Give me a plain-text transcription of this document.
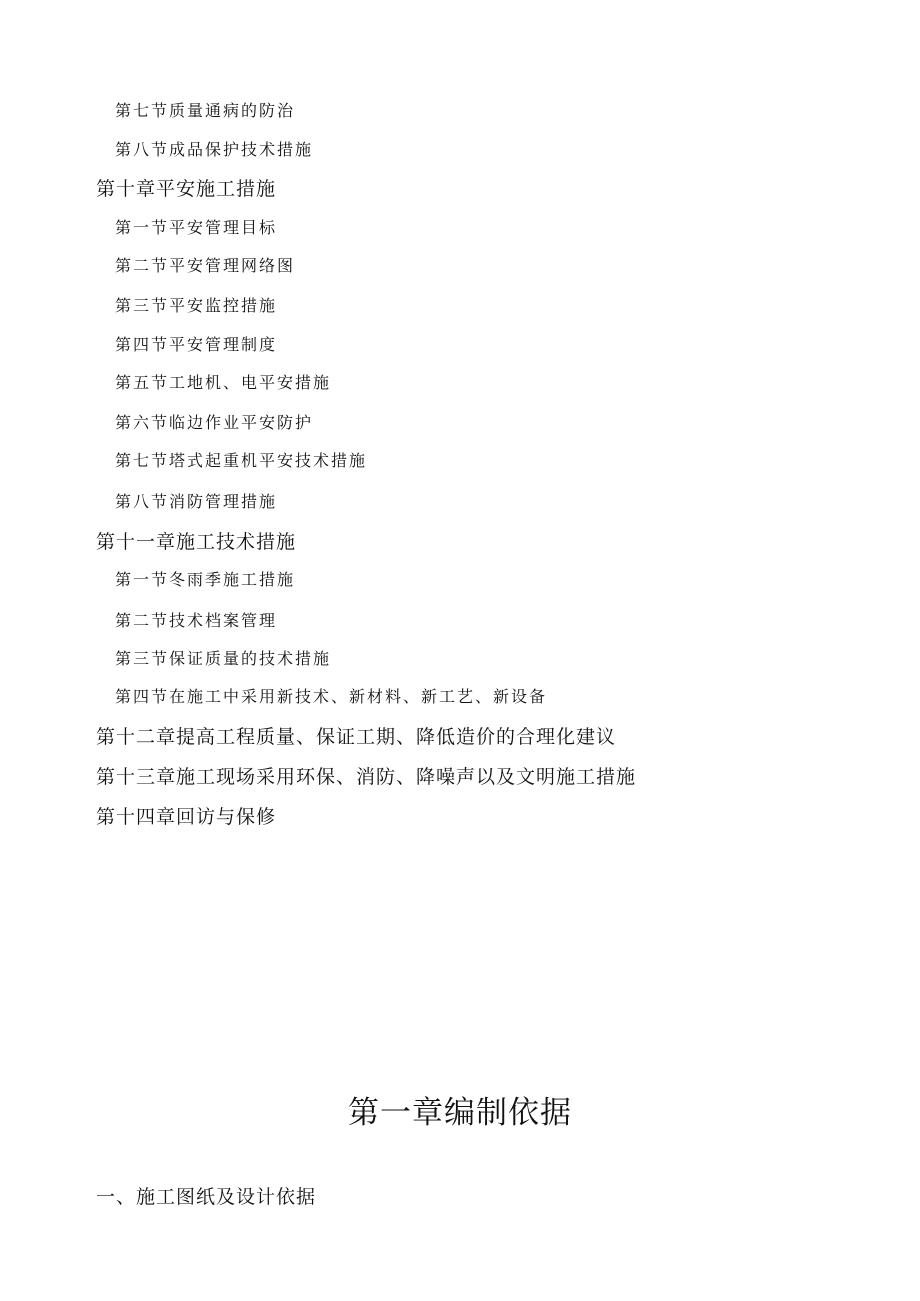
第七节质量通病的防治
第八节成品保护技术措施
第十章平安施工措施
第一节平安管理目标
第二节平安管理网络图
第三节平安监控措施
第四节平安管理制度
第五节工地机、电平安措施
第六节临边作业平安防护
第七节塔式起重机平安技术措施
第八节消防管理措施
第十一章施工技术措施
第一节冬雨季施工措施
第二节技术档案管理
第三节保证质量的技术措施
第四节在施工中采用新技术、新材料、新工艺、新设备
第十二章提高工程质量、保证工期、降低造价的合理化建议
第十三章施工现场采用环保、消防、降噪声以及文明施工措施
第十四章回访与保修
第一章编制依据
一、施工图纸及设计依据
